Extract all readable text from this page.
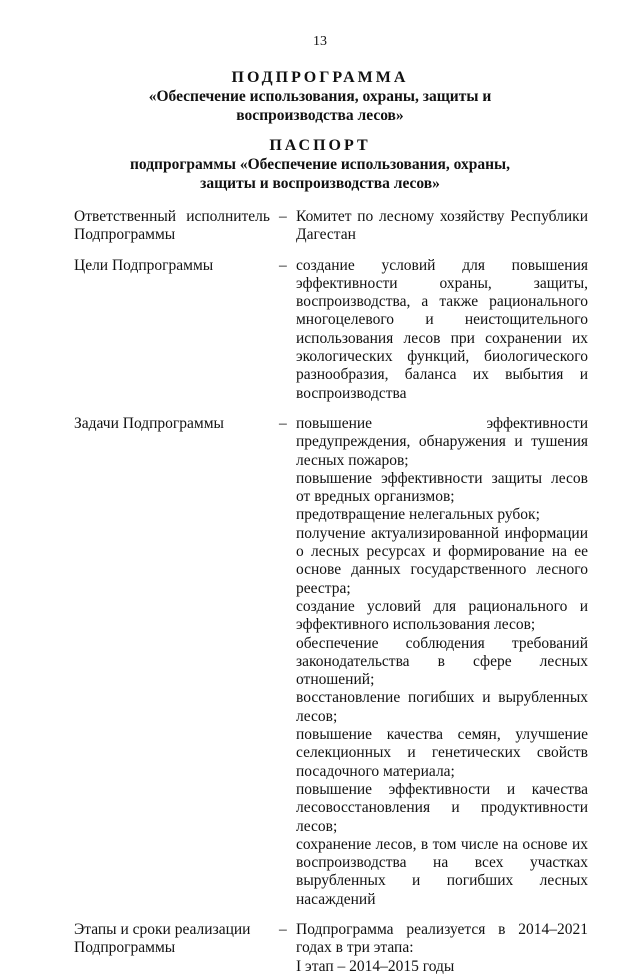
13
ПОДПРОГРАММА
«Обеспечение использования, охраны, защиты и
воспроизводства лесов»
ПАСПОРТ
подпрограммы «Обеспечение использования, охраны,
защиты и воспроизводства лесов»
Ответственный исполнитель
Подпрограммы
– Комитет по лесному хозяйству Республики Дагестан
Цели Подпрограммы	– создание условий для повышения эффективности охраны, защиты, воспроизводства, а также рационального многоцелевого и неистощительного использования лесов при сохранении их экологических функций, биологического разнообразия, баланса их выбытия и воспроизводства
Задачи Подпрограммы	– повышение эффективности предупреждения, обнаружения и тушения лесных пожаров;
повышение эффективности защиты лесов от вредных организмов;
предотвращение нелегальных рубок;
получение актуализированной информации о лесных ресурсах и формирование на ее основе данных государственного лесного реестра;
создание условий для рационального и эффективного использования лесов;
обеспечение соблюдения требований законодательства в сфере лесных отношений;
восстановление погибших и вырубленных лесов;
повышение качества семян, улучшение селекционных и генетических свойств посадочного материала;
повышение эффективности и качества лесовосстановления и продуктивности лесов;
сохранение лесов, в том числе на основе их воспроизводства на всех участках вырубленных и погибших лесных насаждений
Этапы и сроки реализации
Подпрограммы
– Подпрограмма реализуется в 2014–2021 годах в три этапа:
I этап – 2014–2015 годы
